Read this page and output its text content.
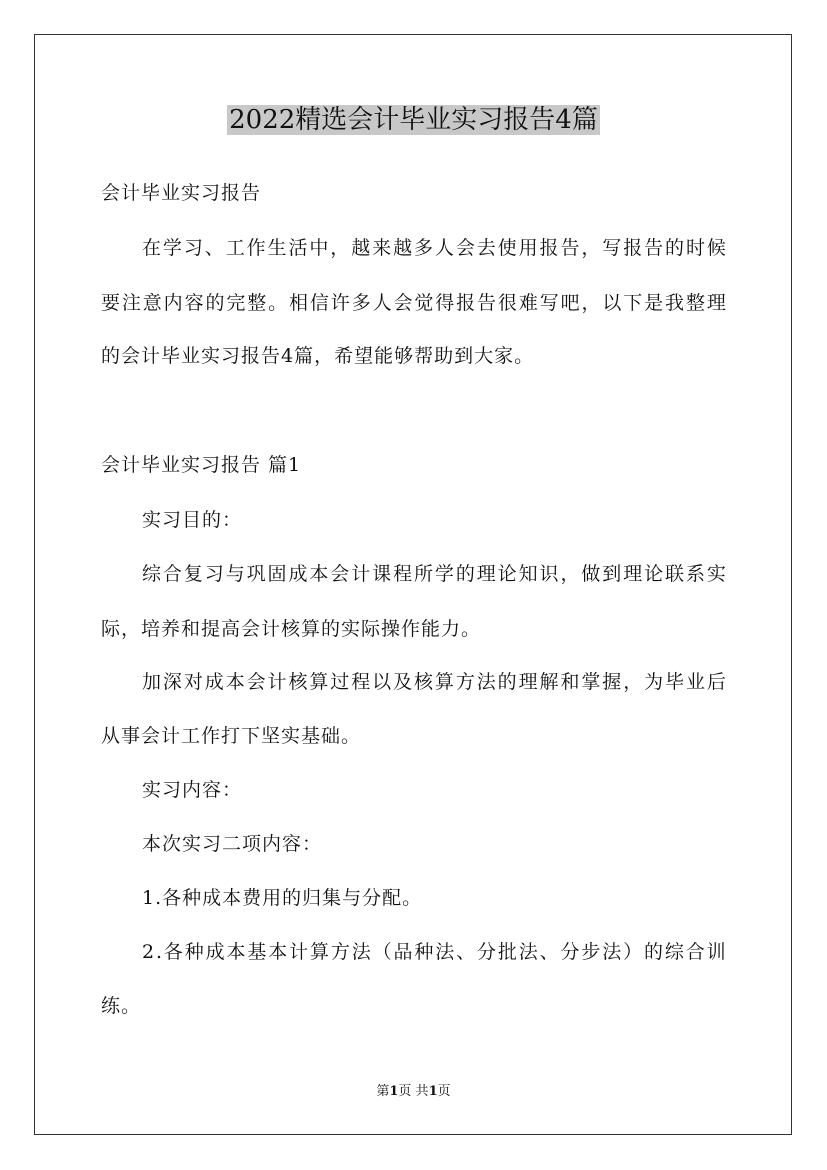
2022精选会计毕业实习报告4篇
会计毕业实习报告
在 学 习 、 工 作 生 活 中 ， 越 来 越 多 人 会 去 使 用 报 告 ， 写 报 告 的 时 候
要 注 意 内 容 的 完 整 。 相 信 许 多 人 会 觉 得 报 告 很 难 写 吧 ， 以 下 是 我 整 理
的会计毕业实习报告4篇，希望能够帮助到大家。
会计毕业实习报告 篇1
实习目的：
综 合 复 习 与 巩 固 成 本 会 计 课 程 所 学 的 理 论 知 识 ， 做 到 理 论 联 系 实
际，培养和提高会计核算的实际操作能力。
加 深 对 成 本 会 计 核 算 过 程 以 及 核 算 方 法 的 理 解 和 掌 握 ， 为 毕 业 后
从事会计工作打下坚实基础。
实习内容：
本次实习二项内容：
1.各种成本费用的归集与分配。
2 . 各 种 成 本 基 本 计 算 方 法 （ 品 种 法 、 分 批 法 、 分 步 法 ） 的 综 合 训
练。
第1页 共1页
